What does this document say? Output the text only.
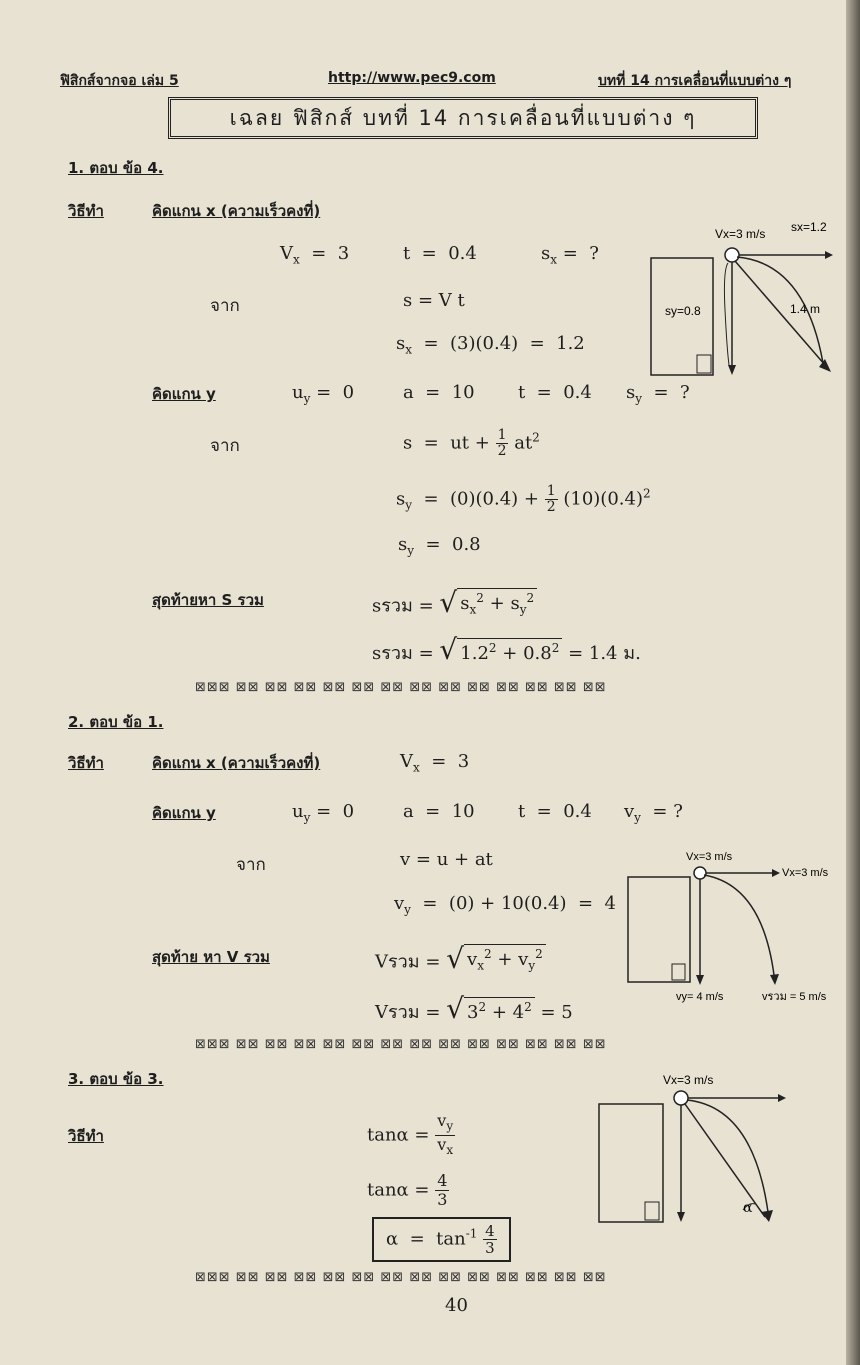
ฟิสิกส์จากจอ เล่ม 5	http://www.pec9.com	บทที่ 14 การเคลื่อนที่แบบต่าง ๆ
เฉลย ฟิสิกส์ บทที่ 14 การเคลื่อนที่แบบต่าง ๆ
1. ตอบ ข้อ 4.
วิธีทำ	คิดแกน x (ความเร็วคงที่)
$V_x = 3$	t  =  0.4	$s_x$ =  ?
จาก	s = V t
$s_x = (3)(0.4) = 1.2$
คิดแกน y	$u_y = 0$	a  =  10 t  =  0.4 $s_y$  =  ?
จาก	s  =  ut + $\frac{1}{2} at^2$
$s_y = (0)(0.4) + \frac{1}{2} (10)(0.4)^2$
$s_y = 0.8$
สุดท้ายหา S รวม	sรวม = √ $s_x^2 + s_y^2$
sรวม = √ $1.2^2 + 0.8^2 = 1.4$ ม.
Vx=3 m/s sx=1.2
sy=0.8	1.4 m
⊠⊠⊠ ⊠⊠ ⊠⊠ ⊠⊠ ⊠⊠ ⊠⊠ ⊠⊠ ⊠⊠ ⊠⊠ ⊠⊠ ⊠⊠ ⊠⊠ ⊠⊠ ⊠⊠
2. ตอบ ข้อ 1.
วิธีทำ	คิดแกน x (ความเร็วคงที่)	$V_x = 3$
คิดแกน y	$u_y = 0$	a  =  10 t  =  0.4 $v_y$  = ?
จาก	v = u + at
$v_y = (0) + 10(0.4) = 4$
สุดท้าย หา V รวม	Vรวม = √ $v_x^2 + v_y^2$
Vรวม = √ $3^2 + 4^2 = 5$
Vx=3 m/s
Vx=3 m/s
vy= 4 m/s	vรวม = 5 m/s
⊠⊠⊠ ⊠⊠ ⊠⊠ ⊠⊠ ⊠⊠ ⊠⊠ ⊠⊠ ⊠⊠ ⊠⊠ ⊠⊠ ⊠⊠ ⊠⊠ ⊠⊠ ⊠⊠
3. ตอบ ข้อ 3.
วิธีทำ	$\tan\alpha = \frac{v_y}{v_x}$
$\tan\alpha = \frac{4}{3}$
$\alpha = \tan^{-1} \frac{4}{3}$
Vx=3 m/s
α
⊠⊠⊠ ⊠⊠ ⊠⊠ ⊠⊠ ⊠⊠ ⊠⊠ ⊠⊠ ⊠⊠ ⊠⊠ ⊠⊠ ⊠⊠ ⊠⊠ ⊠⊠ ⊠⊠
40
